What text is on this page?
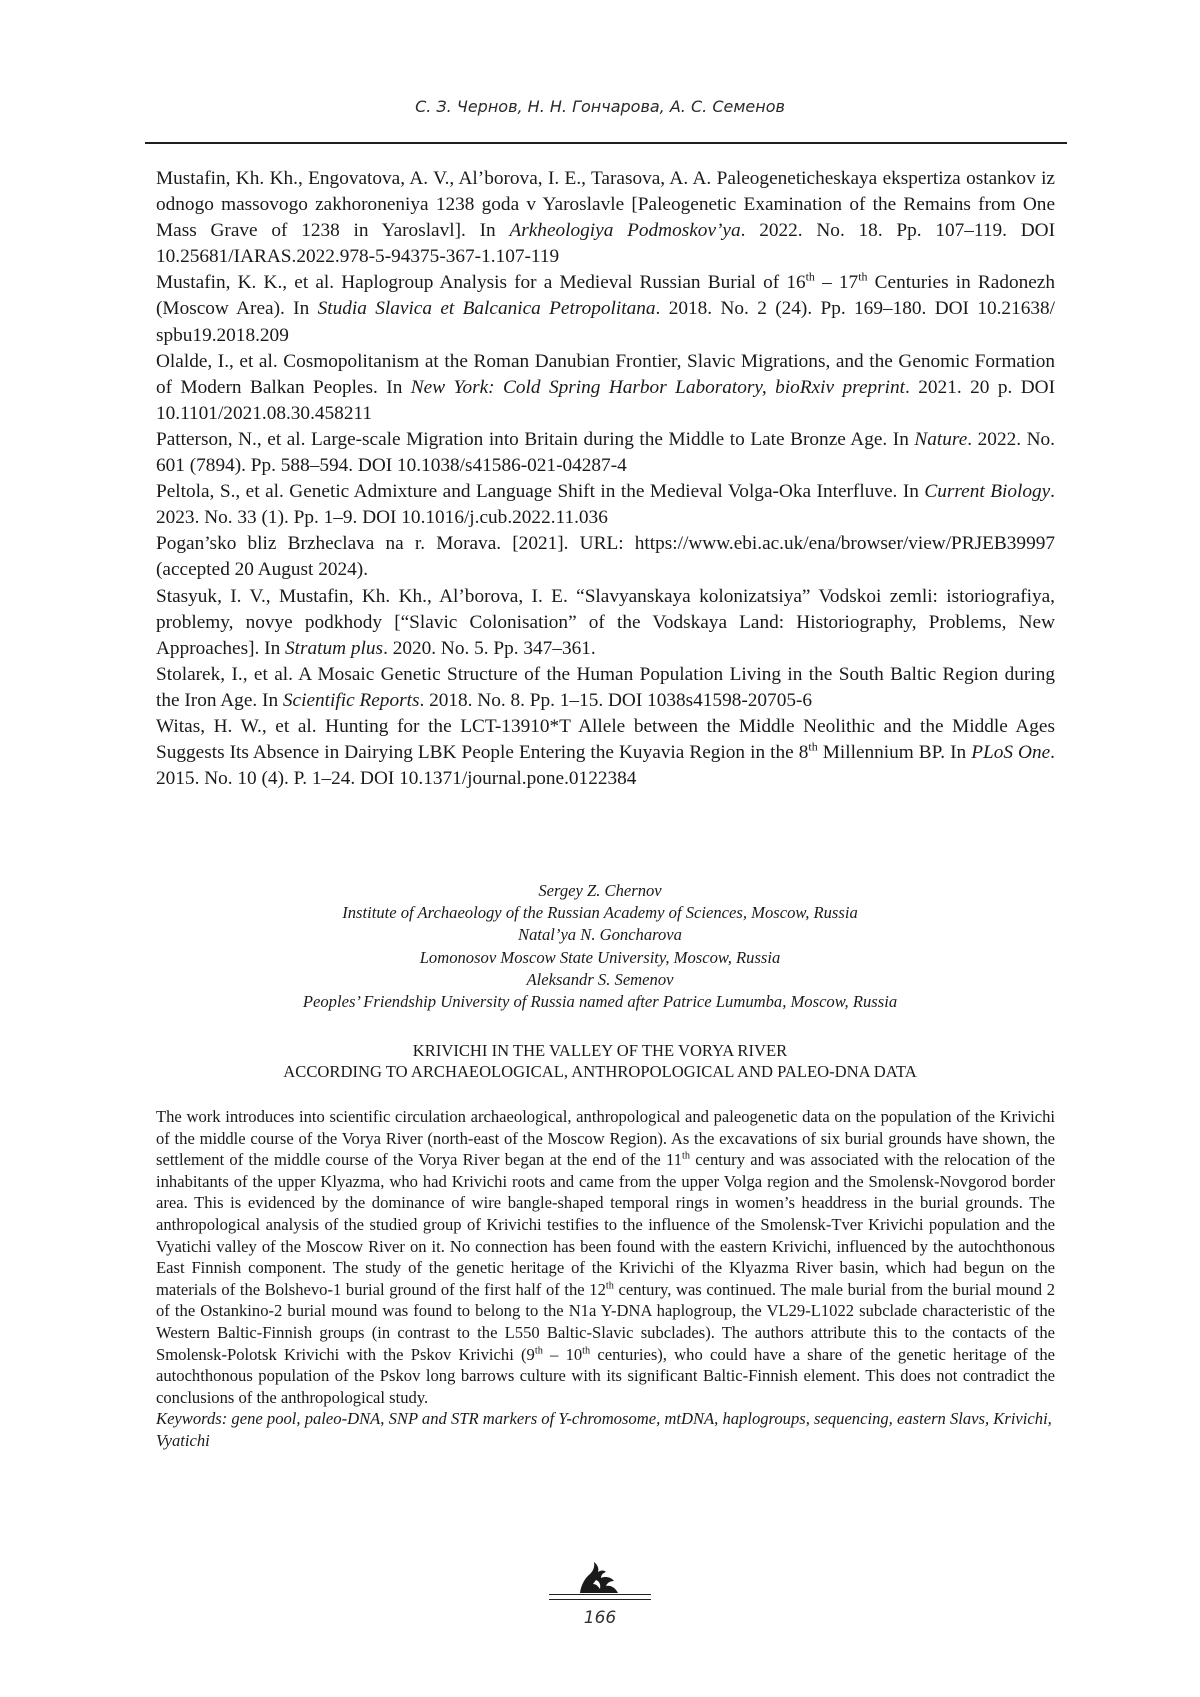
С. З. Чернов, Н. Н. Гончарова, А. С. Семенов

Mustafin, Kh. Kh., Engovatova, A. V., Al’borova, I. E., Tarasova, A. A. Paleogeneticheskaya ekspertiza ostankov iz odnogo massovogo zakhoroneniya 1238 goda v Yaroslavle [Paleogenetic Examination of the Remains from One Mass Grave of 1238 in Yaroslavl]. In Arkheologiya Podmoskov’ya. 2022. No. 18. Pp. 107–119. DOI 10.25681/IARAS.2022.978-5-94375-367-1.107-119

Mustafin, K. K., et al. Haplogroup Analysis for a Medieval Russian Burial of 16th – 17th Centuries in Radonezh (Moscow Area). In Studia Slavica et Balcanica Petropolitana. 2018. No. 2 (24). Pp. 169–180. DOI 10.21638/​spbu19.2018.209

Olalde, I., et al. Cosmopolitanism at the Roman Danubian Frontier, Slavic Migrations, and the Genomic Formation of Modern Balkan Peoples. In New York: Cold Spring Harbor Laboratory, bioRxiv preprint. 2021. 20 p. DOI 10.1101/2021.08.30.458211

Patterson, N., et al. Large-scale Migration into Britain during the Middle to Late Bronze Age. In Nature. 2022. No. 601 (7894). Pp. 588–594. DOI 10.1038/s41586-021-04287-4

Peltola, S., et al. Genetic Admixture and Language Shift in the Medieval Volga-Oka Interfluve. In Current Biology. 2023. No. 33 (1). Pp. 1–9. DOI 10.1016/j.cub.2022.11.036

Pogan’sko bliz Brzheclava na r. Morava. [2021]. URL: https://www.ebi.ac.uk/ena/browser/view/​PRJEB39997 (accepted 20 August 2024).

Stasyuk, I. V., Mustafin, Kh. Kh., Al’borova, I. E. “Slavyanskaya kolonizatsiya” Vodskoi zemli: istoriografiya, problemy, novye podkhody [“Slavic Colonisation” of the Vodskaya Land: Historiography, Problems, New Approaches]. In Stratum plus. 2020. No. 5. Pp. 347–361.

Stolarek, I., et al. A Mosaic Genetic Structure of the Human Population Living in the South Baltic Region during the Iron Age. In Scientific Reports. 2018. No. 8. Pp. 1–15. DOI 1038s41598-20705-6

Witas, H. W., et al. Hunting for the LCT-13910*T Allele between the Middle Neolithic and the Middle Ages Suggests Its Absence in Dairying LBK People Entering the Kuyavia Region in the 8th Millennium BP. In PLoS One. 2015. No. 10 (4). P. 1–24. DOI 10.1371/journal.pone.0122384

Sergey Z. Chernov
Institute of Archaeology of the Russian Academy of Sciences, Moscow, Russia
Natal’ya N. Goncharova
Lomonosov Moscow State University, Moscow, Russia
Aleksandr S. Semenov
Peoples’ Friendship University of Russia named after Patrice Lumumba, Moscow, Russia
KRIVICHI IN THE VALLEY OF THE VORYA RIVER
ACCORDING TO ARCHAEOLOGICAL, ANTHROPOLOGICAL AND PALEO-DNA DATA

The work introduces into scientific circulation archaeological, anthropological and paleogenetic data on the population of the Krivichi of the middle course of the Vorya River (north-east of the Moscow Region). As the excavations of six burial grounds have shown, the settlement of the middle course of the Vorya River began at the end of the 11th century and was associated with the relocation of the inhabitants of the upper Klyazma, who had Krivichi roots and came from the upper Volga region and the Smolensk-Novgorod border area. This is evidenced by the dominance of wire bangle-shaped temporal rings in women’s headdress in the burial grounds. The anthropological analysis of the studied group of Krivichi testifies to the influence of the Smolensk-Tver Krivichi population and the Vyatichi valley of the Moscow River on it. No connection has been found with the eastern Krivichi, influenced by the autochthonous East Finnish component. The study of the genetic heritage of the Krivichi of the Klyazma River basin, which had begun on the materials of the Bolshevo-1 burial ground of the first half of the 12th century, was continued. The male burial from the burial mound 2 of the Ostankino-2 burial mound was found to belong to the N1a Y-DNA haplogroup, the VL29-L1022 subclade characteristic of the Western Baltic-Finnish groups (in contrast to the L550 Baltic-Slavic subclades). The authors attribute this to the contacts of the Smolensk-Polotsk Krivichi with the Pskov Krivichi (9th – 10th centuries), who could have a share of the genetic heritage of the autochthonous population of the Pskov long barrows culture with its significant Baltic-Finnish element. This does not contradict the conclusions of the anthropological study.

Keywords: gene pool, paleo-DNA, SNP and STR markers of Y-chromosome, mtDNA, haplogroups, sequencing, eastern Slavs, Krivichi, Vyatichi

166
